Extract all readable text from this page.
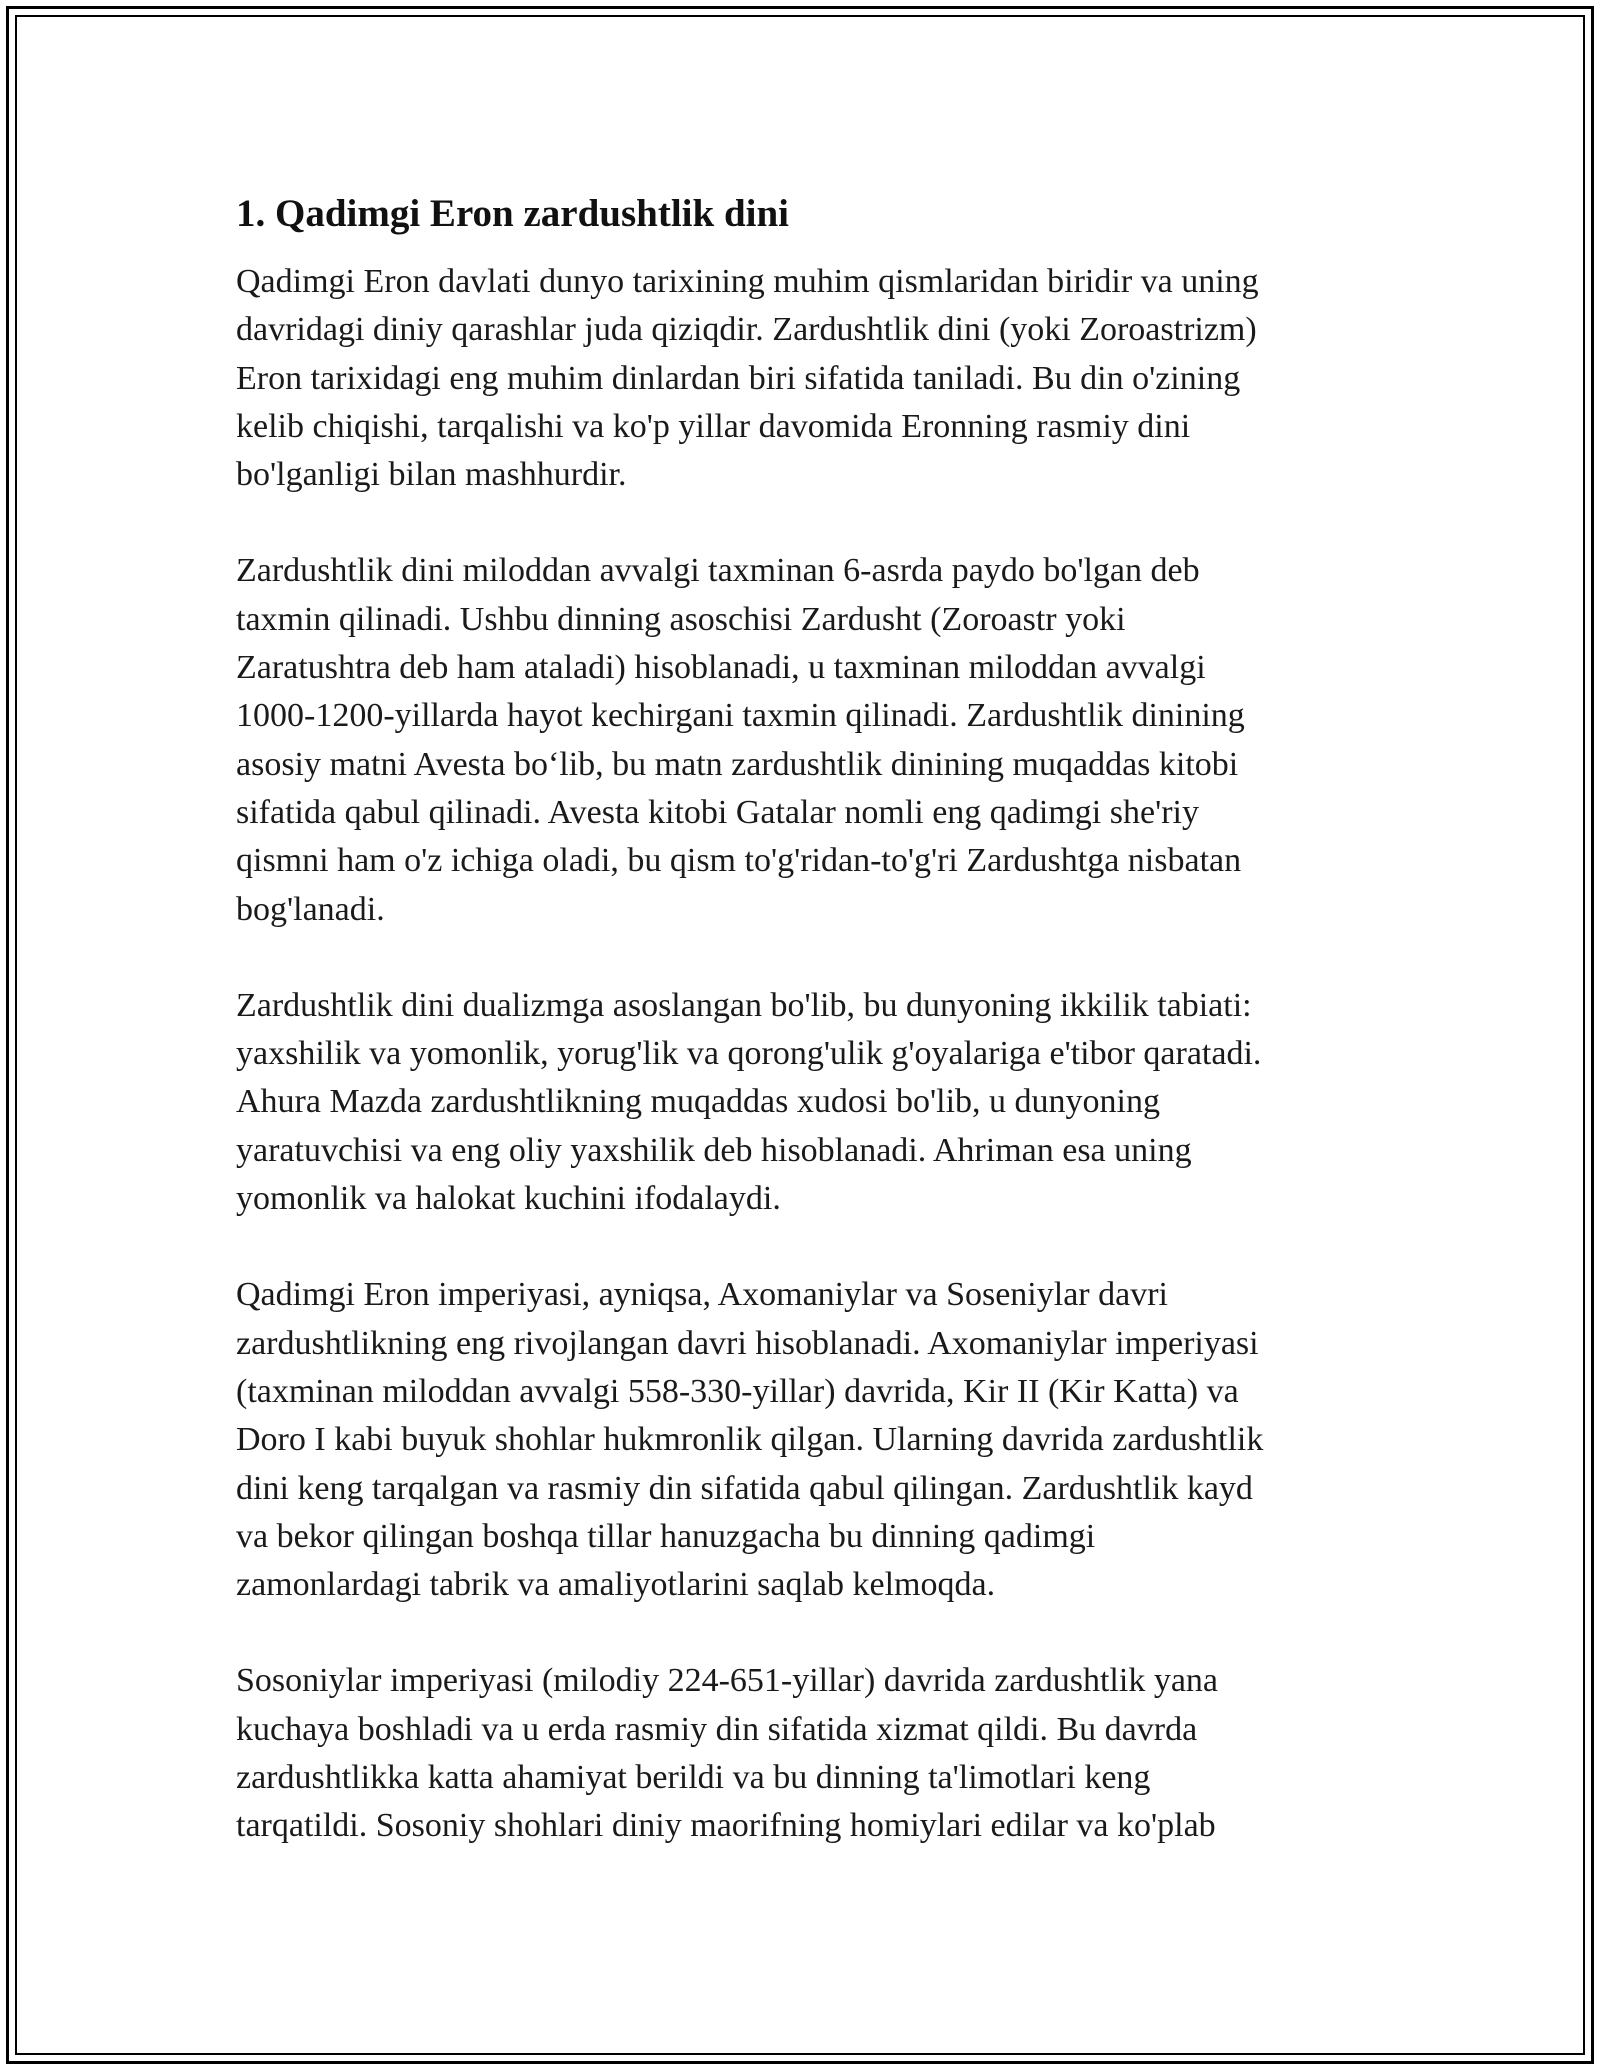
1. Qadimgi Eron zardushtlik dini

Qadimgi Eron davlati dunyo tarixining muhim qismlaridan biridir va uning
davridagi diniy qarashlar juda qiziqdir. Zardushtlik dini (yoki Zoroastrizm)
Eron tarixidagi eng muhim dinlardan biri sifatida taniladi. Bu din o'zining
kelib chiqishi, tarqalishi va ko'p yillar davomida Eronning rasmiy dini
bo'lganligi bilan mashhurdir.

Zardushtlik dini miloddan avvalgi taxminan 6-asrda paydo bo'lgan deb
taxmin qilinadi. Ushbu dinning asoschisi Zardusht (Zoroastr yoki
Zaratushtra deb ham ataladi) hisoblanadi, u taxminan miloddan avvalgi
1000-1200-yillarda hayot kechirgani taxmin qilinadi. Zardushtlik dinining
asosiy matni Avesta bo‘lib, bu matn zardushtlik dinining muqaddas kitobi
sifatida qabul qilinadi. Avesta kitobi Gatalar nomli eng qadimgi she'riy
qismni ham o'z ichiga oladi, bu qism to'g'ridan-to'g'ri Zardushtga nisbatan
bog'lanadi.

Zardushtlik dini dualizmga asoslangan bo'lib, bu dunyoning ikkilik tabiati:
yaxshilik va yomonlik, yorug'lik va qorong'ulik g'oyalariga e'tibor qaratadi.
Ahura Mazda zardushtlikning muqaddas xudosi bo'lib, u dunyoning
yaratuvchisi va eng oliy yaxshilik deb hisoblanadi. Ahriman esa uning
yomonlik va halokat kuchini ifodalaydi.

Qadimgi Eron imperiyasi, ayniqsa, Axomaniylar va Soseniylar davri
zardushtlikning eng rivojlangan davri hisoblanadi. Axomaniylar imperiyasi
(taxminan miloddan avvalgi 558-330-yillar) davrida, Kir II (Kir Katta) va
Doro I kabi buyuk shohlar hukmronlik qilgan. Ularning davrida zardushtlik
dini keng tarqalgan va rasmiy din sifatida qabul qilingan. Zardushtlik kayd
va bekor qilingan boshqa tillar hanuzgacha bu dinning qadimgi
zamonlardagi tabrik va amaliyotlarini saqlab kelmoqda.

Sosoniylar imperiyasi (milodiy 224-651-yillar) davrida zardushtlik yana
kuchaya boshladi va u erda rasmiy din sifatida xizmat qildi. Bu davrda
zardushtlikka katta ahamiyat berildi va bu dinning ta'limotlari keng
tarqatildi. Sosoniy shohlari diniy maorifning homiylari edilar va ko'plab
